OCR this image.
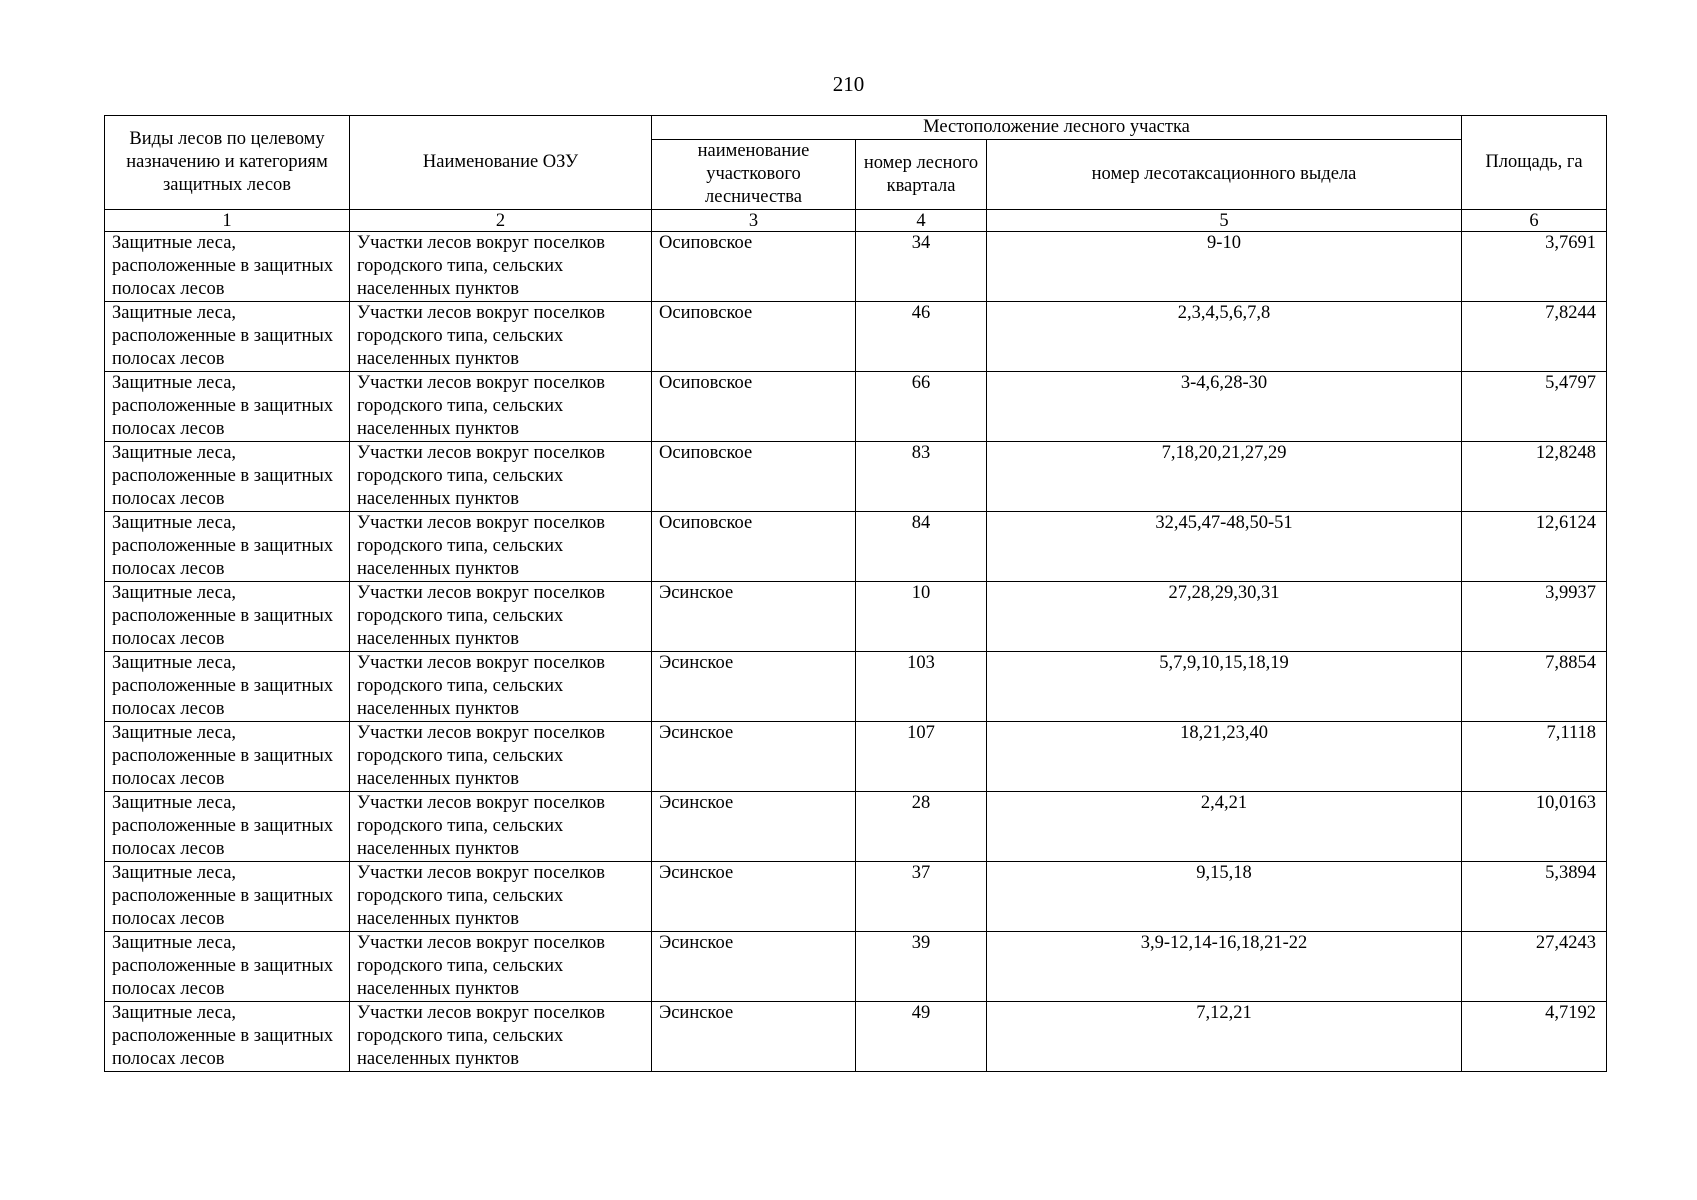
210
Виды лесов по целевому назначению и категориям защитных лесов	Наименование ОЗУ	Местоположение лесного участка			Площадь, га
		наименование участкового лесничества	номер лесного квартала	номер лесотаксационного выдела	
1	2	3	4	5	6
Защитные леса, расположенные в защитных полосах лесов	Участки лесов вокруг поселков городского типа, сельских населенных пунктов	Осиповское	34	9-10	3,7691
Защитные леса, расположенные в защитных полосах лесов	Участки лесов вокруг поселков городского типа, сельских населенных пунктов	Осиповское	46	2,3,4,5,6,7,8	7,8244
Защитные леса, расположенные в защитных полосах лесов	Участки лесов вокруг поселков городского типа, сельских населенных пунктов	Осиповское	66	3-4,6,28-30	5,4797
Защитные леса, расположенные в защитных полосах лесов	Участки лесов вокруг поселков городского типа, сельских населенных пунктов	Осиповское	83	7,18,20,21,27,29	12,8248
Защитные леса, расположенные в защитных полосах лесов	Участки лесов вокруг поселков городского типа, сельских населенных пунктов	Осиповское	84	32,45,47-48,50-51	12,6124
Защитные леса, расположенные в защитных полосах лесов	Участки лесов вокруг поселков городского типа, сельских населенных пунктов	Эсинское	10	27,28,29,30,31	3,9937
Защитные леса, расположенные в защитных полосах лесов	Участки лесов вокруг поселков городского типа, сельских населенных пунктов	Эсинское	103	5,7,9,10,15,18,19	7,8854
Защитные леса, расположенные в защитных полосах лесов	Участки лесов вокруг поселков городского типа, сельских населенных пунктов	Эсинское	107	18,21,23,40	7,1118
Защитные леса, расположенные в защитных полосах лесов	Участки лесов вокруг поселков городского типа, сельских населенных пунктов	Эсинское	28	2,4,21	10,0163
Защитные леса, расположенные в защитных полосах лесов	Участки лесов вокруг поселков городского типа, сельских населенных пунктов	Эсинское	37	9,15,18	5,3894
Защитные леса, расположенные в защитных полосах лесов	Участки лесов вокруг поселков городского типа, сельских населенных пунктов	Эсинское	39	3,9-12,14-16,18,21-22	27,4243
Защитные леса, расположенные в защитных полосах лесов	Участки лесов вокруг поселков городского типа, сельских населенных пунктов	Эсинское	49	7,12,21	4,7192
